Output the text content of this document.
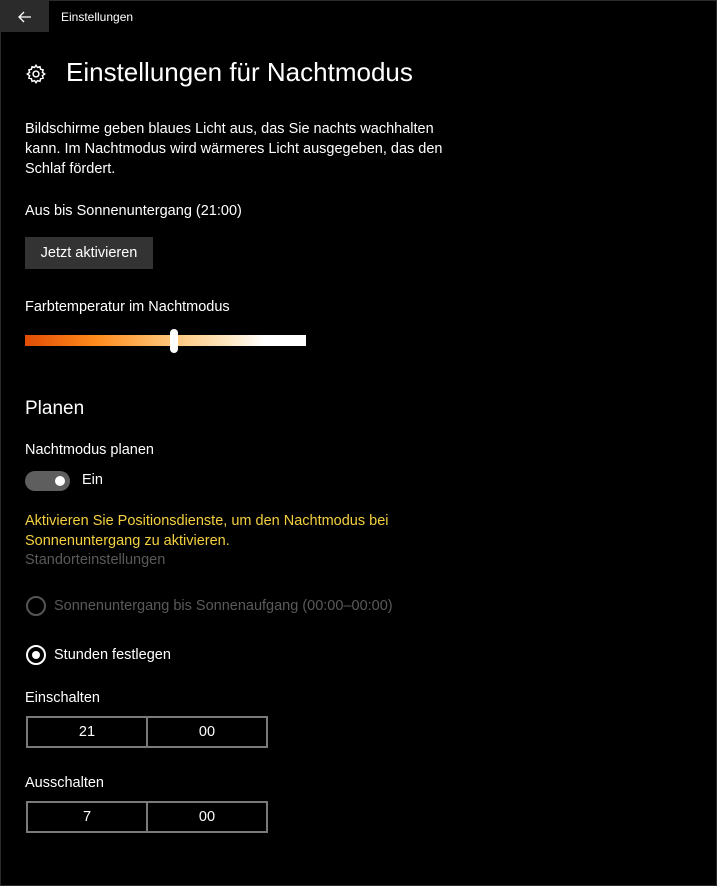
Einstellungen
Einstellungen für Nachtmodus

Bildschirme geben blaues Licht aus, das Sie nachts wachhalten kann. Im Nachtmodus wird wärmeres Licht ausgegeben, das den Schlaf fördert.

Aus bis Sonnenuntergang (21:00)

Jetzt aktivieren

Farbtemperatur im Nachtmodus

Planen

Nachtmodus planen

Ein

Aktivieren Sie Positionsdienste, um den Nachtmodus bei Sonnenuntergang zu aktivieren.

Standorteinstellungen
Sonnenuntergang bis Sonnenaufgang (00:00–00:00)
Stunden festlegen

Einschalten

21	00

Ausschalten

7	00
